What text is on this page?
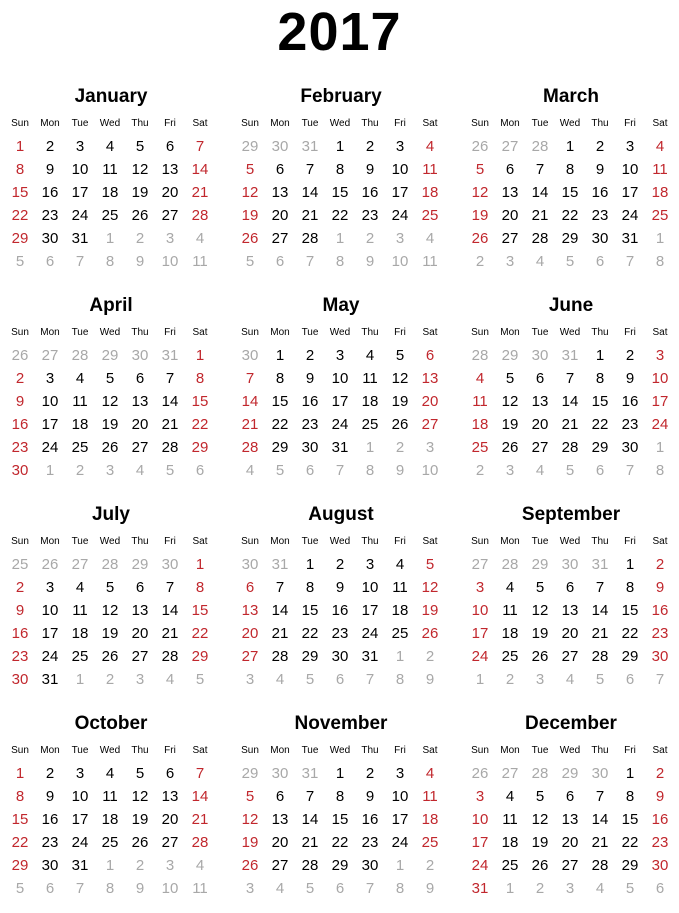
2017
January
Sun	Mon	Tue	Wed	Thu	Fri	Sat
1	2	3	4	5	6	7
8	9	10 11 12 13 14
15 16 17 18 19 20 21
22 23 24 25 26 27 28
29 30 31	1	2	3	4
5	6	7	8	9	10 11
February
Sun	Mon	Tue	Wed	Thu	Fri	Sat
29 30 31	1	2	3	4
5	6	7	8	9	10 11
12 13 14 15 16 17 18
19 20 21 22 23 24 25
26 27 28	1	2	3	4
5	6	7	8	9	10 11
March
Sun	Mon	Tue	Wed	Thu	Fri	Sat
26 27 28	1	2	3	4
5	6	7	8	9	10 11
12 13 14 15 16 17 18
19 20 21 22 23 24 25
26 27 28 29 30 31	1
2	3	4	5	6	7	8
April
Sun	Mon	Tue	Wed	Thu	Fri	Sat
26 27 28 29 30 31	1
2	3	4	5	6	7	8
9	10 11 12 13 14 15
16 17 18 19 20 21 22
23 24 25 26 27 28 29
30	1	2	3	4	5	6
May
Sun	Mon	Tue	Wed	Thu	Fri	Sat
30	1	2	3	4	5	6
7	8	9	10 11 12 13
14 15 16 17 18 19 20
21 22 23 24 25 26 27
28 29 30 31	1	2	3
4	5	6	7	8	9	10
June
Sun	Mon	Tue	Wed	Thu	Fri	Sat
28 29 30 31	1	2	3
4	5	6	7	8	9	10
11 12 13 14 15 16 17
18 19 20 21 22 23 24
25 26 27 28 29 30	1
2	3	4	5	6	7	8
July
Sun	Mon	Tue	Wed	Thu	Fri	Sat
25 26 27 28 29 30	1
2	3	4	5	6	7	8
9	10 11 12 13 14 15
16 17 18 19 20 21 22
23 24 25 26 27 28 29
30 31	1	2	3	4	5
August
Sun	Mon	Tue	Wed	Thu	Fri	Sat
30 31	1	2	3	4	5
6	7	8	9	10 11 12
13 14 15 16 17 18 19
20 21 22 23 24 25 26
27 28 29 30 31	1	2
3	4	5	6	7	8	9
September
Sun	Mon	Tue	Wed	Thu	Fri	Sat
27 28 29 30 31	1	2
3	4	5	6	7	8	9
10 11 12 13 14 15 16
17 18 19 20 21 22 23
24 25 26 27 28 29 30
1	2	3	4	5	6	7
October
Sun	Mon	Tue	Wed	Thu	Fri	Sat
1	2	3	4	5	6	7
8	9	10 11 12 13 14
15 16 17 18 19 20 21
22 23 24 25 26 27 28
29 30 31	1	2	3	4
5	6	7	8	9	10 11
November
Sun	Mon	Tue	Wed	Thu	Fri	Sat
29 30 31	1	2	3	4
5	6	7	8	9	10 11
12 13 14 15 16 17 18
19 20 21 22 23 24 25
26 27 28 29 30	1	2
3	4	5	6	7	8	9
December
Sun	Mon	Tue	Wed	Thu	Fri	Sat
26 27 28 29 30	1	2
3	4	5	6	7	8	9
10 11 12 13 14 15 16
17 18 19 20 21 22 23
24 25 26 27 28 29 30
31	1	2	3	4	5	6
